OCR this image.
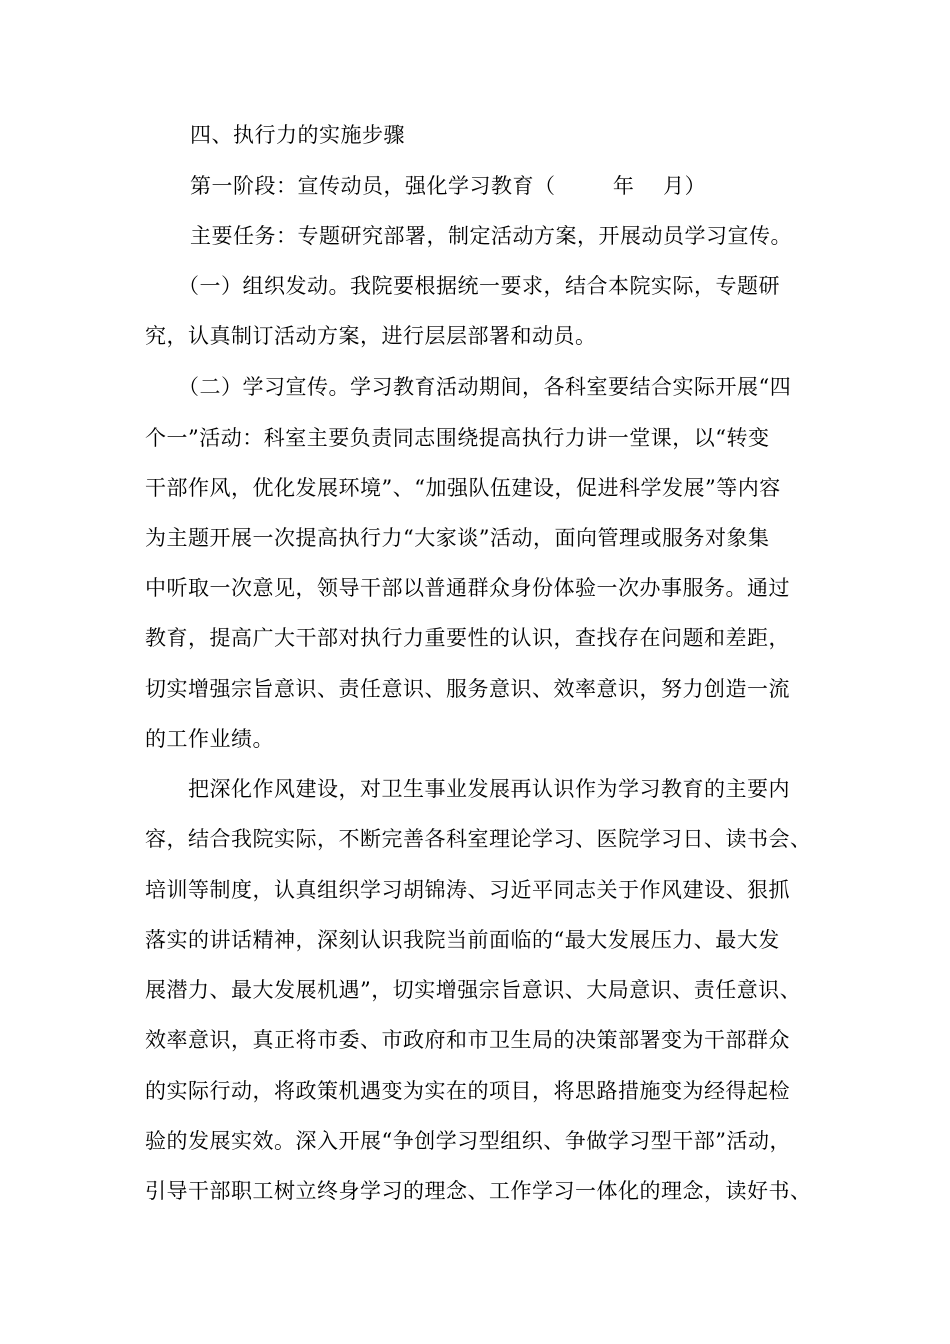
四、执行力的实施步骤
第一阶段：宣传动员，强化学习教育（        年    月）
主要任务：专题研究部署，制定活动方案，开展动员学习宣传。
（一）组织发动。我院要根据统一要求，结合本院实际，专题研
究，认真制订活动方案，进行层层部署和动员。
（二）学习宣传。学习教育活动期间，各科室要结合实际开展“四
个一”活动：科室主要负责同志围绕提高执行力讲一堂课，以“转变
干部作风，优化发展环境”、“加强队伍建设，促进科学发展”等内容
为主题开展一次提高执行力“大家谈”活动，面向管理或服务对象集
中听取一次意见，领导干部以普通群众身份体验一次办事服务。通过
教育，提高广大干部对执行力重要性的认识，查找存在问题和差距，
切实增强宗旨意识、责任意识、服务意识、效率意识，努力创造一流
的工作业绩。
把深化作风建设，对卫生事业发展再认识作为学习教育的主要内
容，结合我院实际，不断完善各科室理论学习、医院学习日、读书会、
培训等制度，认真组织学习胡锦涛、习近平同志关于作风建设、狠抓
落实的讲话精神，深刻认识我院当前面临的“最大发展压力、最大发
展潜力、最大发展机遇”，切实增强宗旨意识、大局意识、责任意识、
效率意识，真正将市委、市政府和市卫生局的决策部署变为干部群众
的实际行动，将政策机遇变为实在的项目，将思路措施变为经得起检
验的发展实效。深入开展“争创学习型组织、争做学习型干部”活动，
引导干部职工树立终身学习的理念、工作学习一体化的理念，读好书、
